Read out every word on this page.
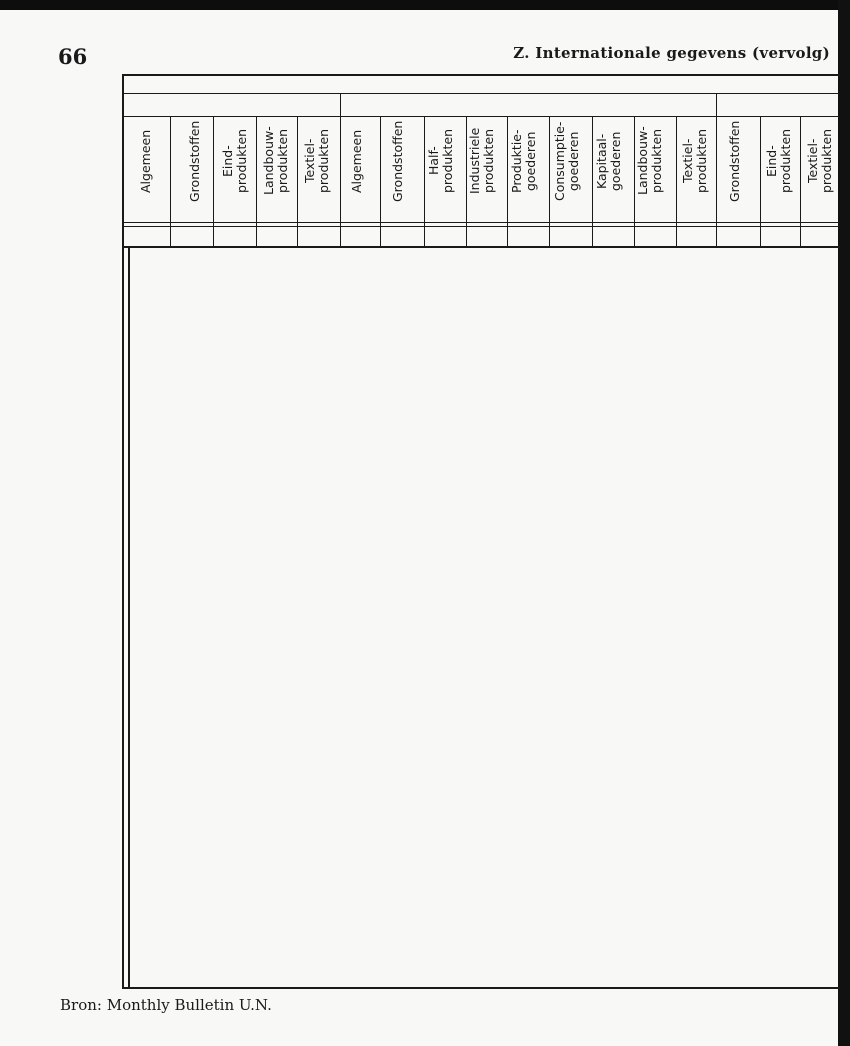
66	Z. Internationale gegevens (vervolg)
Algemeen	Grondstoffen Eind- produkten Landbouw- produkten Textiel- produkten Algemeen Grondstoffen Half- produkten Industriele produkten Produktie- goederen Consumptie- goederen Kapitaal- goederen Landbouw- produkten Textiel- produkten Grondstoffen Eind- produkten Textiel- produkten
Bron: Monthly Bulletin U.N.
